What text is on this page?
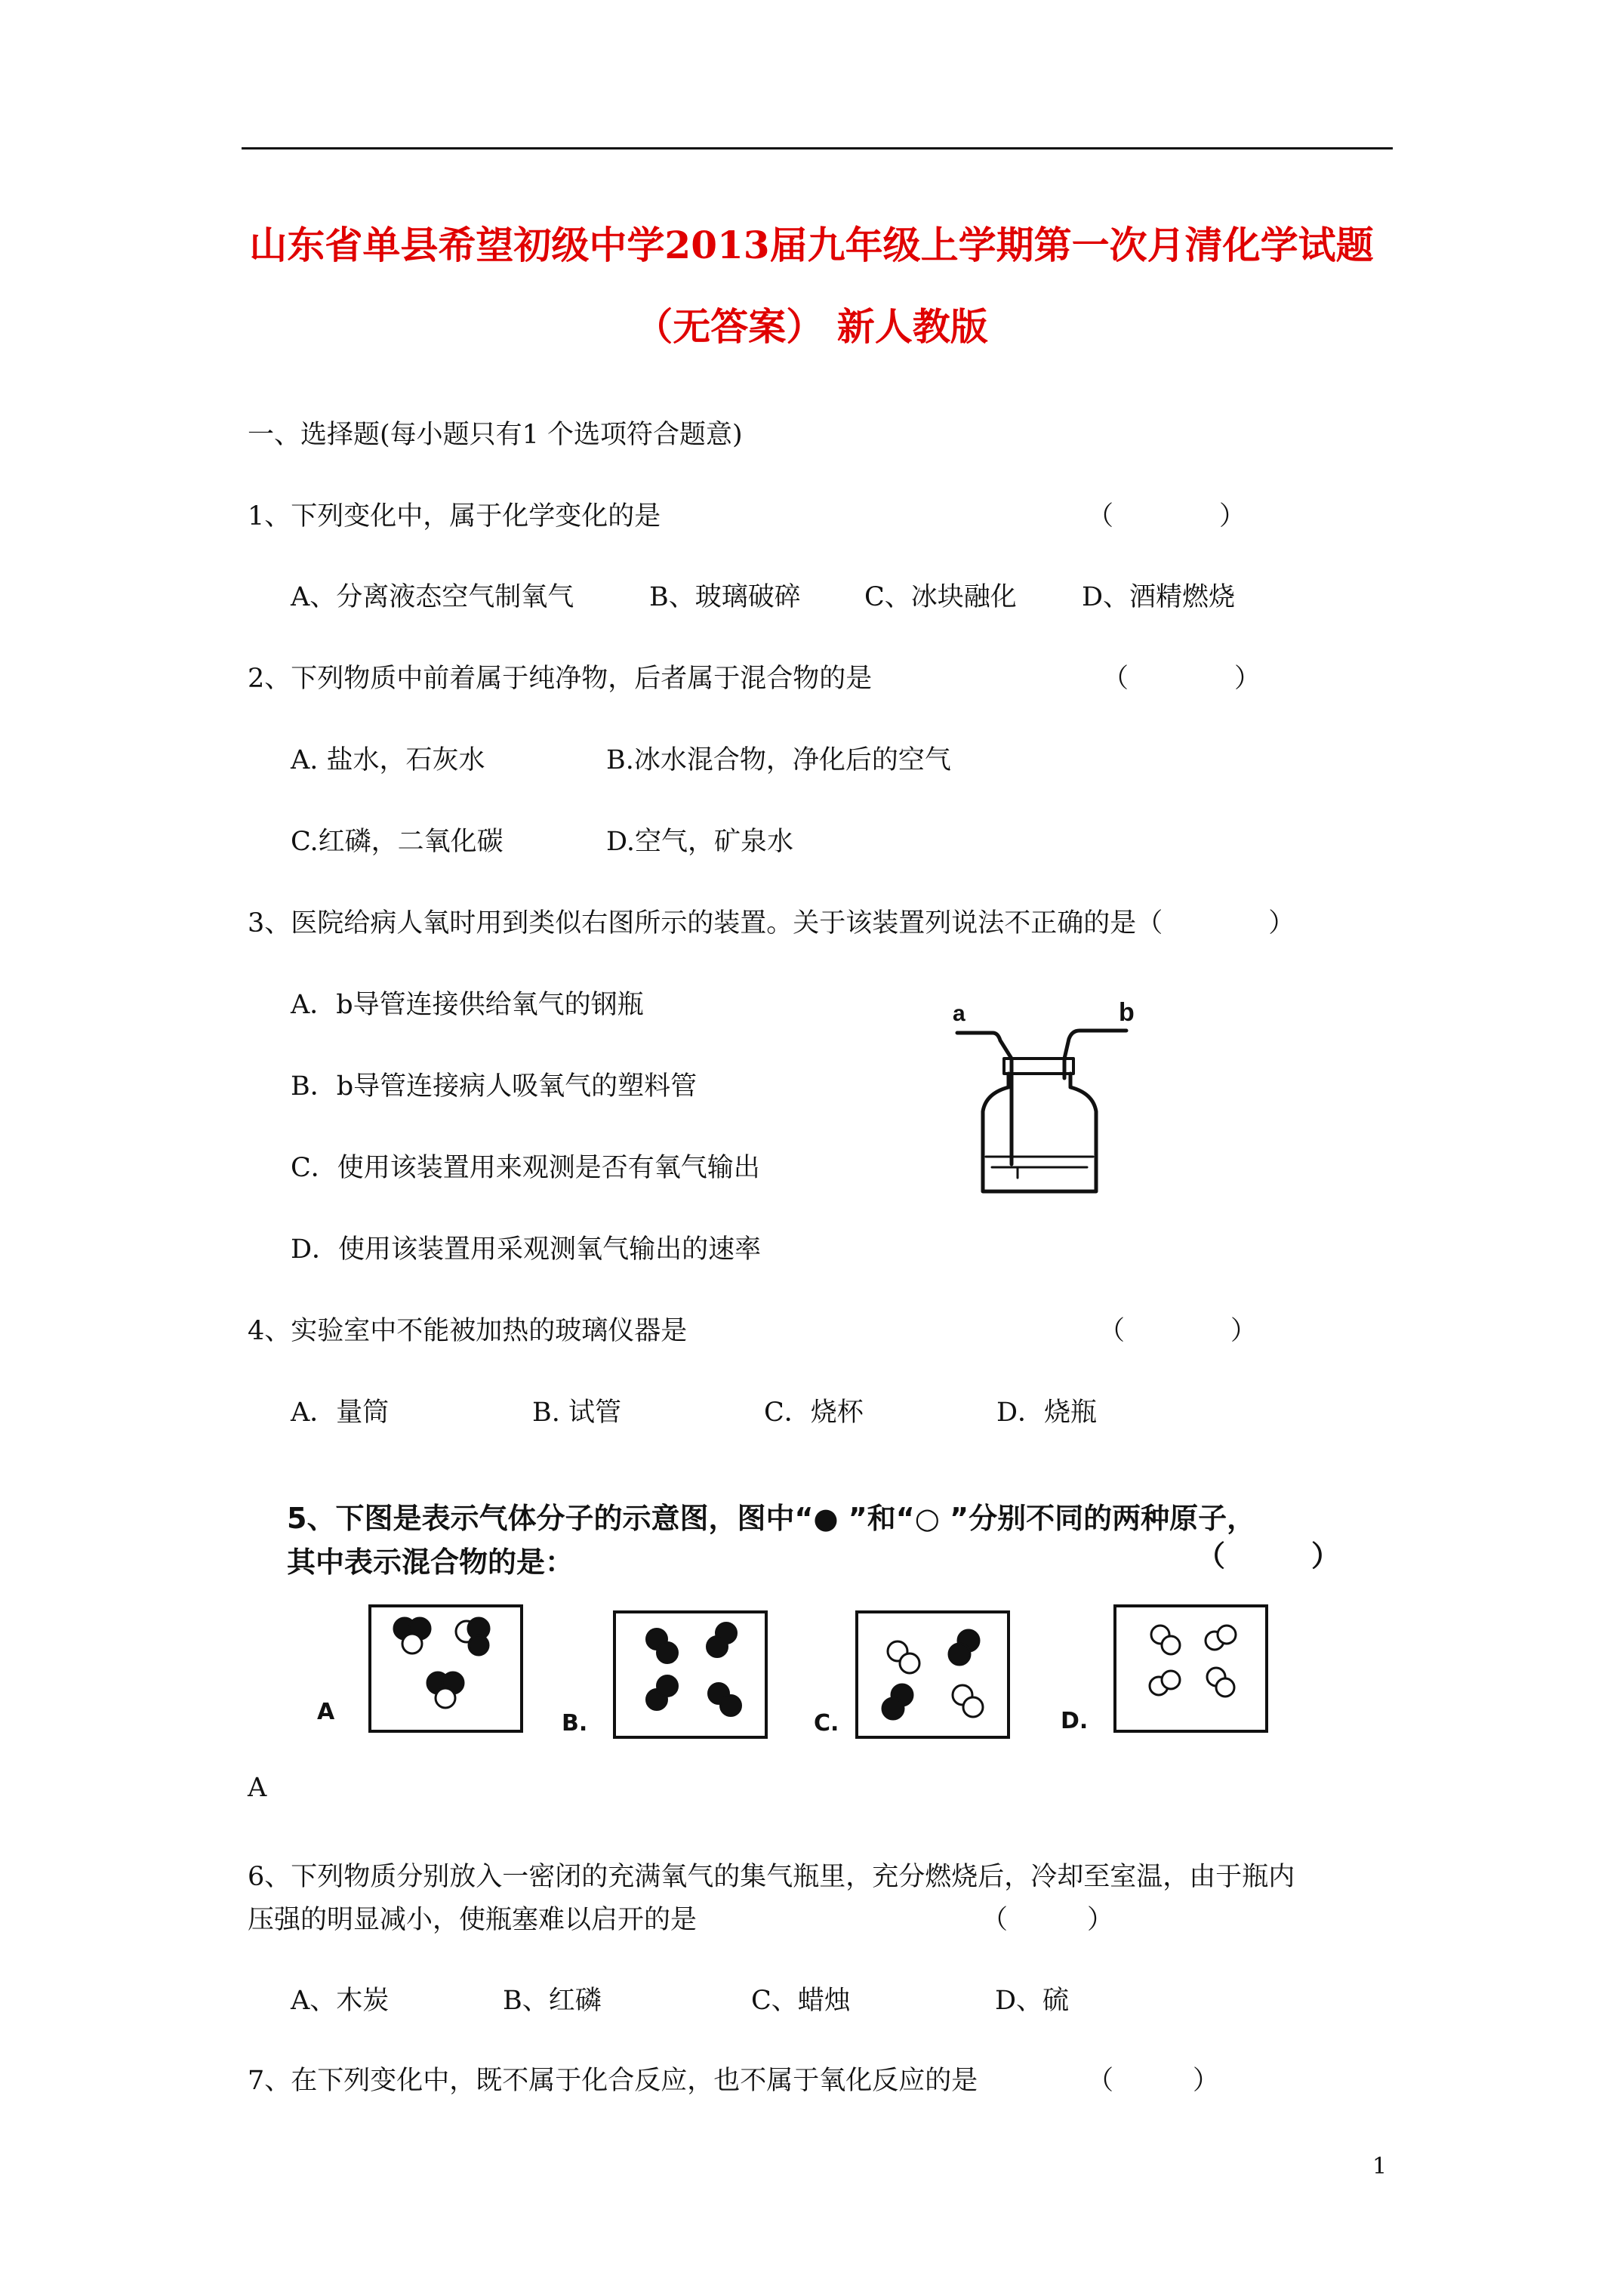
山东省单县希望初级中学2013届九年级上学期第一次月清化学试题
（无答案） 新人教版
一、选择题(每小题只有1 个选项符合题意)
1、下列变化中，属于化学变化的是	（　　　　）
A、分离液态空气制氧气	B、玻璃破碎 C、冰块融化 D、酒精燃烧
2、下列物质中前着属于纯净物，后者属于混合物的是	（　　　　）
A. 盐水，石灰水	B.冰水混合物，净化后的空气
C.红磷，二氧化碳	D.空气，矿泉水
3、医院给病人氧时用到类似右图所示的装置。关于该装置列说法不正确的是（　　　　）
A．b导管连接供给氧气的钢瓶
B．b导管连接病人吸氧气的塑料管
C．使用该装置用来观测是否有氧气输出
D．使用该装置用采观测氧气输出的速率
a	b
4、实验室中不能被加热的玻璃仪器是	（　　　　）
A．量筒	B. 试管	C．烧杯	D．烧瓶
5、下图是表示气体分子的示意图，图中“● ”和“○ ”分别不同的两种原子，
其中表示混合物的是：	（　　　）
A	B.	C.	D.
A
6、下列物质分别放入一密闭的充满氧气的集气瓶里，充分燃烧后，冷却至室温，由于瓶内
压强的明显减小，使瓶塞难以启开的是	（　　　）
A、木炭	B、红磷	C、蜡烛	D、硫
7、在下列变化中，既不属于化合反应，也不属于氧化反应的是	（　　　）
1
